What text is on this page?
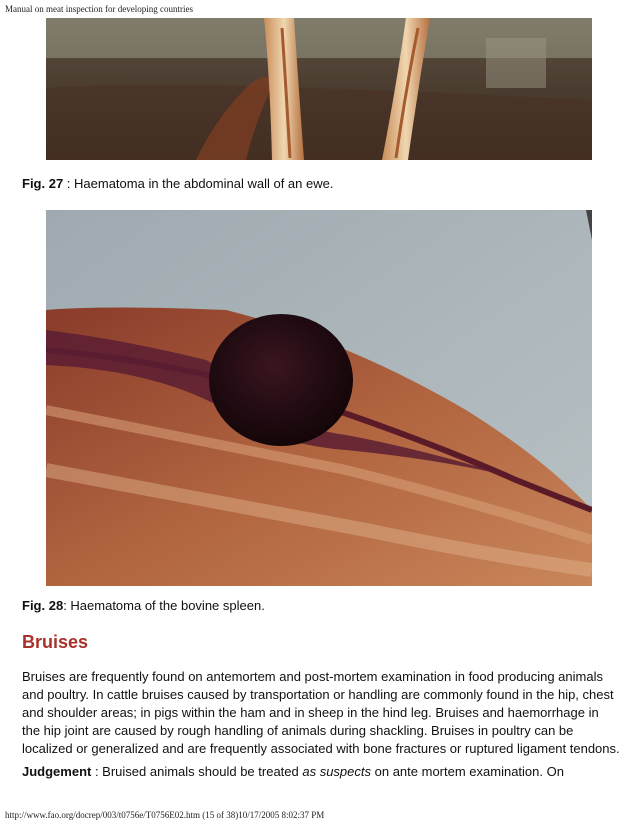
Manual on meat inspection for developing countries
Fig. 27 : Haematoma in the abdominal wall of an ewe.
Fig. 28: Haematoma of the bovine spleen.
Bruises

Bruises are frequently found on antemortem and post-mortem examination in food producing animals and poultry. In cattle bruises caused by transportation or handling are commonly found in the hip, chest and shoulder areas; in pigs within the ham and in sheep in the hind leg. Bruises and haemorrhage in the hip joint are caused by rough handling of animals during shackling. Bruises in poultry can be localized or generalized and are frequently associated with bone fractures or ruptured ligament tendons.

Judgement : Bruised animals should be treated as suspects on ante mortem examination. On

http://www.fao.org/docrep/003/t0756e/T0756E02.htm (15 of 38)10/17/2005 8:02:37 PM
